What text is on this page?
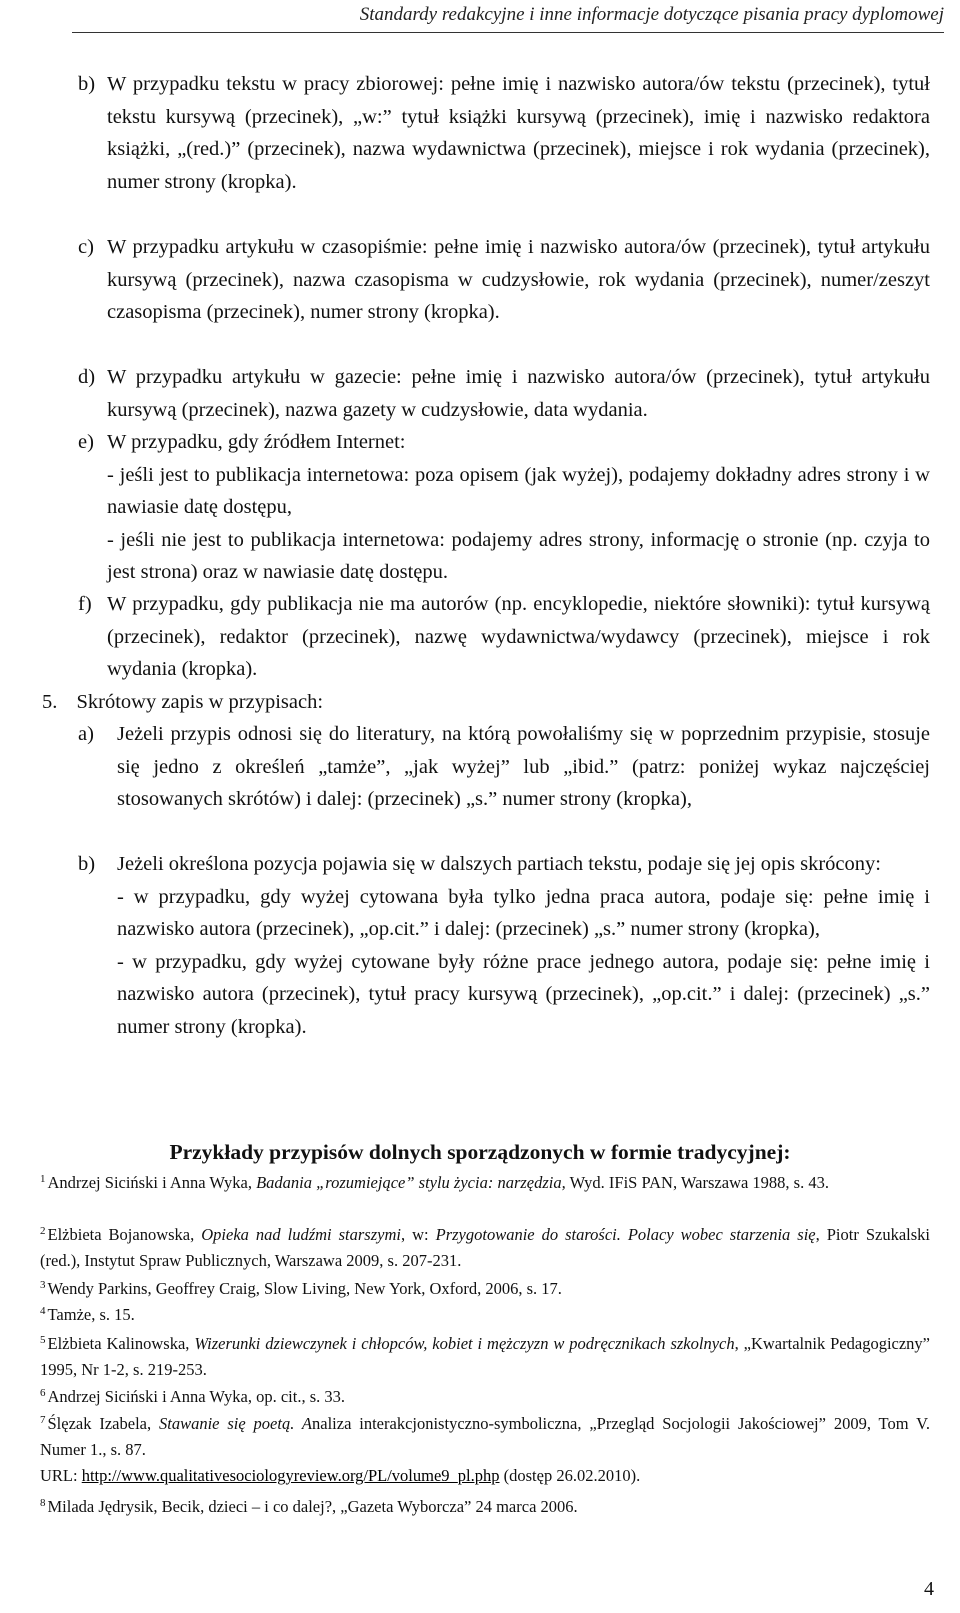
Standardy redakcyjne i inne informacje dotyczące pisania pracy dyplomowej
b) W przypadku tekstu w pracy zbiorowej: pełne imię i nazwisko autora/ów tekstu (przecinek), tytuł tekstu kursywą (przecinek), „w:” tytuł książki kursywą (przecinek), imię i nazwisko redaktora książki, „(red.)” (przecinek), nazwa wydawnictwa (przecinek), miejsce i rok wydania (przecinek), numer strony (kropka).
c) W przypadku artykułu w czasopiśmie: pełne imię i nazwisko autora/ów (przecinek), tytuł artykułu kursywą (przecinek), nazwa czasopisma w cudzysłowie, rok wydania (przecinek), numer/zeszyt czasopisma (przecinek), numer strony (kropka).
d) W przypadku artykułu w gazecie: pełne imię i nazwisko autora/ów (przecinek), tytuł artykułu kursywą (przecinek), nazwa gazety w cudzysłowie, data wydania.
e) W przypadku, gdy źródłem Internet:
- jeśli jest to publikacja internetowa: poza opisem (jak wyżej), podajemy dokładny adres strony i w nawiasie datę dostępu,
- jeśli nie jest to publikacja internetowa: podajemy adres strony, informację o stronie (np. czyja to jest strona) oraz w nawiasie datę dostępu.
f) W przypadku, gdy publikacja nie ma autorów (np. encyklopedie, niektóre słowniki): tytuł kursywą (przecinek), redaktor (przecinek), nazwę wydawnictwa/wydawcy (przecinek), miejsce i rok wydania (kropka).
5. Skrótowy zapis w przypisach:
a)	Jeżeli przypis odnosi się do literatury, na którą powołaliśmy się w poprzednim przypisie, stosuje się jedno z określeń „tamże”, „jak wyżej” lub „ibid.” (patrz: poniżej wykaz najczęściej stosowanych skrótów) i dalej: (przecinek) „s.” numer strony (kropka),
b)	Jeżeli określona pozycja pojawia się w dalszych partiach tekstu, podaje się jej opis skrócony:
- w przypadku, gdy wyżej cytowana była tylko jedna praca autora, podaje się: pełne imię i nazwisko autora (przecinek), „op.cit.” i dalej: (przecinek) „s.” numer strony (kropka),
- w przypadku, gdy wyżej cytowane były różne prace jednego autora, podaje się: pełne imię i nazwisko autora (przecinek), tytuł pracy kursywą (przecinek), „op.cit.” i dalej: (przecinek) „s.” numer strony (kropka).
Przykłady przypisów dolnych sporządzonych w formie tradycyjnej:
$^1$ Andrzej Siciński i Anna Wyka, Badania „rozumiejące” stylu życia: narzędzia, Wyd. IFiS PAN, Warszawa 1988, s. 43.
$^2$ Elżbieta Bojanowska, Opieka nad ludźmi starszymi, w: Przygotowanie do starości. Polacy wobec starzenia się, Piotr Szukalski (red.), Instytut Spraw Publicznych, Warszawa 2009, s. 207-231.
$^3$ Wendy Parkins, Geoffrey Craig, Slow Living, New York, Oxford, 2006, s. 17.
$^4$ Tamże, s. 15.
$^5$ Elżbieta Kalinowska, Wizerunki dziewczynek i chłopców, kobiet i mężczyzn w podręcznikach szkolnych, „Kwartalnik Pedagogiczny” 1995, Nr 1-2, s. 219-253.
$^6$ Andrzej Siciński i Anna Wyka, op. cit., s. 33.
$^7$ Ślęzak Izabela, Stawanie się poetą. Analiza interakcjonistyczno-symboliczna, „Przegląd Socjologii Jakościowej” 2009, Tom V. Numer 1., s. 87.
URL: http://www.qualitativesociologyreview.org/PL/volume9_pl.php (dostęp 26.02.2010).
$^8$ Milada Jędrysik, Becik, dzieci – i co dalej?, „Gazeta Wyborcza” 24 marca 2006.
4
